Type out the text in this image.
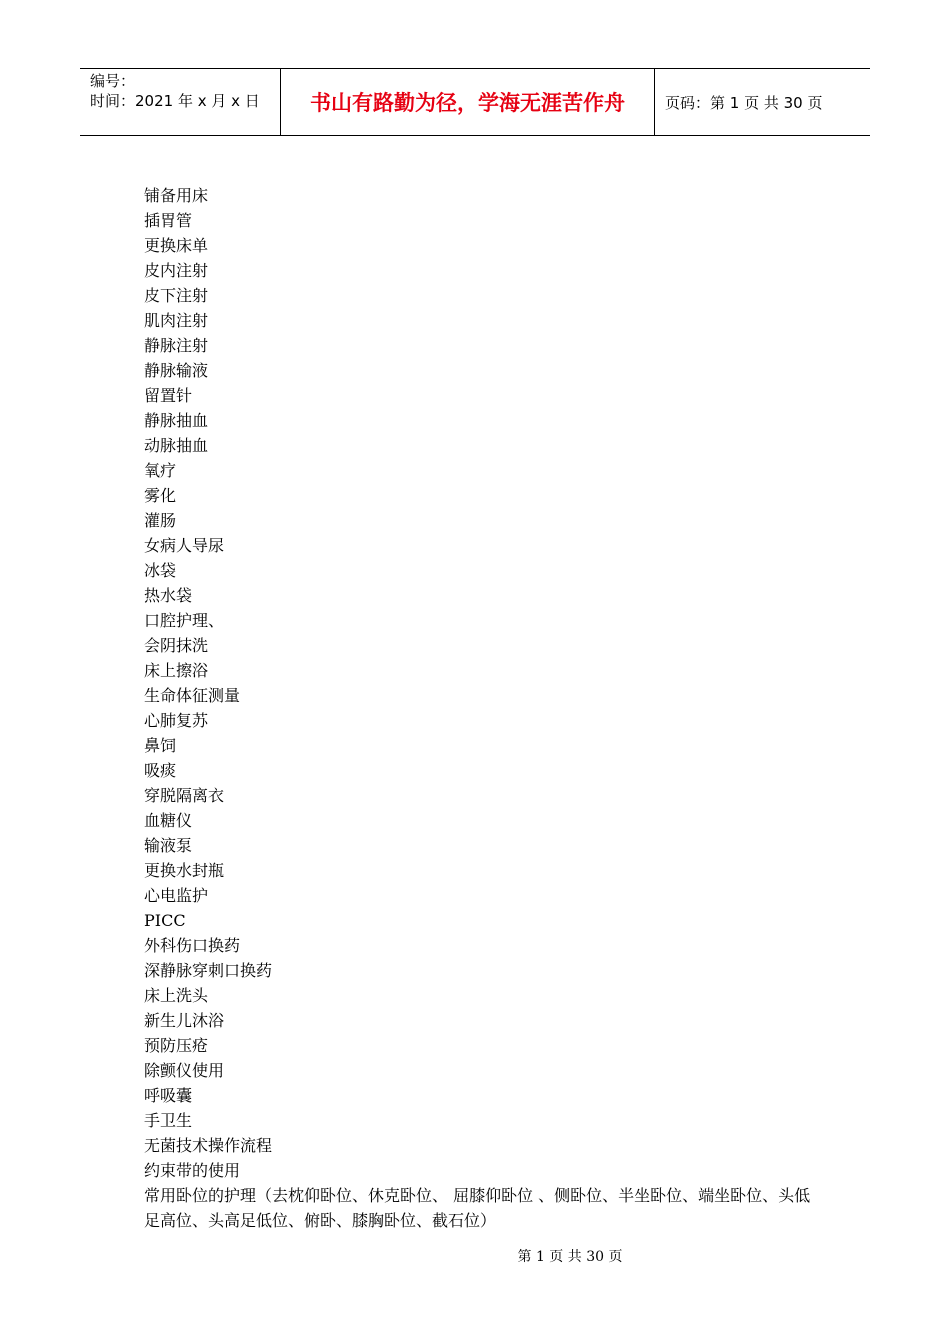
编号：
时间：2021 年 x 月 x 日	书山有路勤为径，学海无涯苦作舟	页码：第 1 页 共 30 页
铺备用床
插胃管
更换床单
皮内注射
皮下注射
肌肉注射
静脉注射
静脉输液
留置针
静脉抽血
动脉抽血
氧疗
雾化
灌肠
女病人导尿
冰袋
热水袋
口腔护理、
会阴抹洗
床上擦浴
生命体征测量
心肺复苏
鼻饲
吸痰
穿脱隔离衣
血糖仪
输液泵
更换水封瓶
心电监护
PICC
外科伤口换药
深静脉穿刺口换药
床上洗头
新生儿沐浴
预防压疮
除颤仪使用
呼吸囊
手卫生
无菌技术操作流程
约束带的使用
常用卧位的护理（去枕仰卧位、休克卧位、 屈膝仰卧位 、侧卧位、半坐卧位、端坐卧位、头低足高位、头高足低位、俯卧、膝胸卧位、截石位）
第 1 页 共 30 页
